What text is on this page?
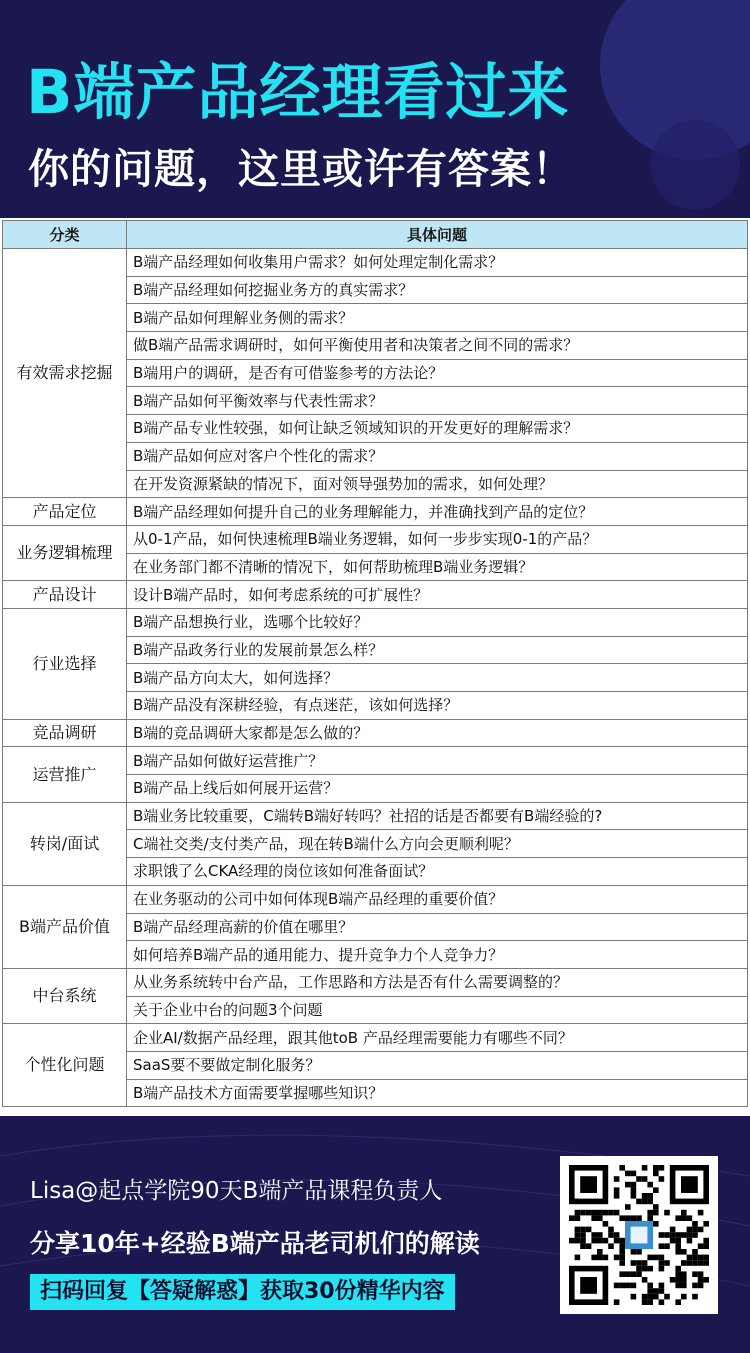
B端产品经理看过来
你的问题，这里或许有答案！
分类	具体问题
有效需求挖掘	B端产品经理如何收集用户需求？如何处理定制化需求？
	B端产品经理如何挖掘业务方的真实需求？
	B端产品如何理解业务侧的需求？
	做B端产品需求调研时，如何平衡使用者和决策者之间不同的需求？
	B端用户的调研，是否有可借鉴参考的方法论？
	B端产品如何平衡效率与代表性需求？
	B端产品专业性较强，如何让缺乏领域知识的开发更好的理解需求？
	B端产品如何应对客户个性化的需求？
	在开发资源紧缺的情况下，面对领导强势加的需求，如何处理？
产品定位	B端产品经理如何提升自己的业务理解能力，并准确找到产品的定位？
业务逻辑梳理	从0-1产品，如何快速梳理B端业务逻辑，如何一步步实现0-1的产品？
	在业务部门都不清晰的情况下，如何帮助梳理B端业务逻辑？
产品设计	设计B端产品时，如何考虑系统的可扩展性？
行业选择	B端产品想换行业，选哪个比较好？
	B端产品政务行业的发展前景怎么样？
	B端产品方向太大，如何选择？
	B端产品没有深耕经验，有点迷茫，该如何选择？
竞品调研	B端的竞品调研大家都是怎么做的？
运营推广	B端产品如何做好运营推广？
	B端产品上线后如何展开运营？
转岗/面试	B端业务比较重要，C端转B端好转吗？社招的话是否都要有B端经验的?
	C端社交类/支付类产品，现在转B端什么方向会更顺利呢？
	求职饿了么CKA经理的岗位该如何准备面试？
B端产品价值	在业务驱动的公司中如何体现B端产品经理的重要价值？
	B端产品经理高薪的价值在哪里？
	如何培养B端产品的通用能力、提升竞争力个人竞争力？
中台系统	从业务系统转中台产品，工作思路和方法是否有什么需要调整的？
	关于企业中台的问题3个问题
个性化问题	企业AI/数据产品经理，跟其他toB 产品经理需要能力有哪些不同？
	SaaS要不要做定制化服务？
	B端产品技术方面需要掌握哪些知识？
Lisa@起点学院90天B端产品课程负责人
分享10年+经验B端产品老司机们的解读
扫码回复【答疑解惑】获取30份精华内容
